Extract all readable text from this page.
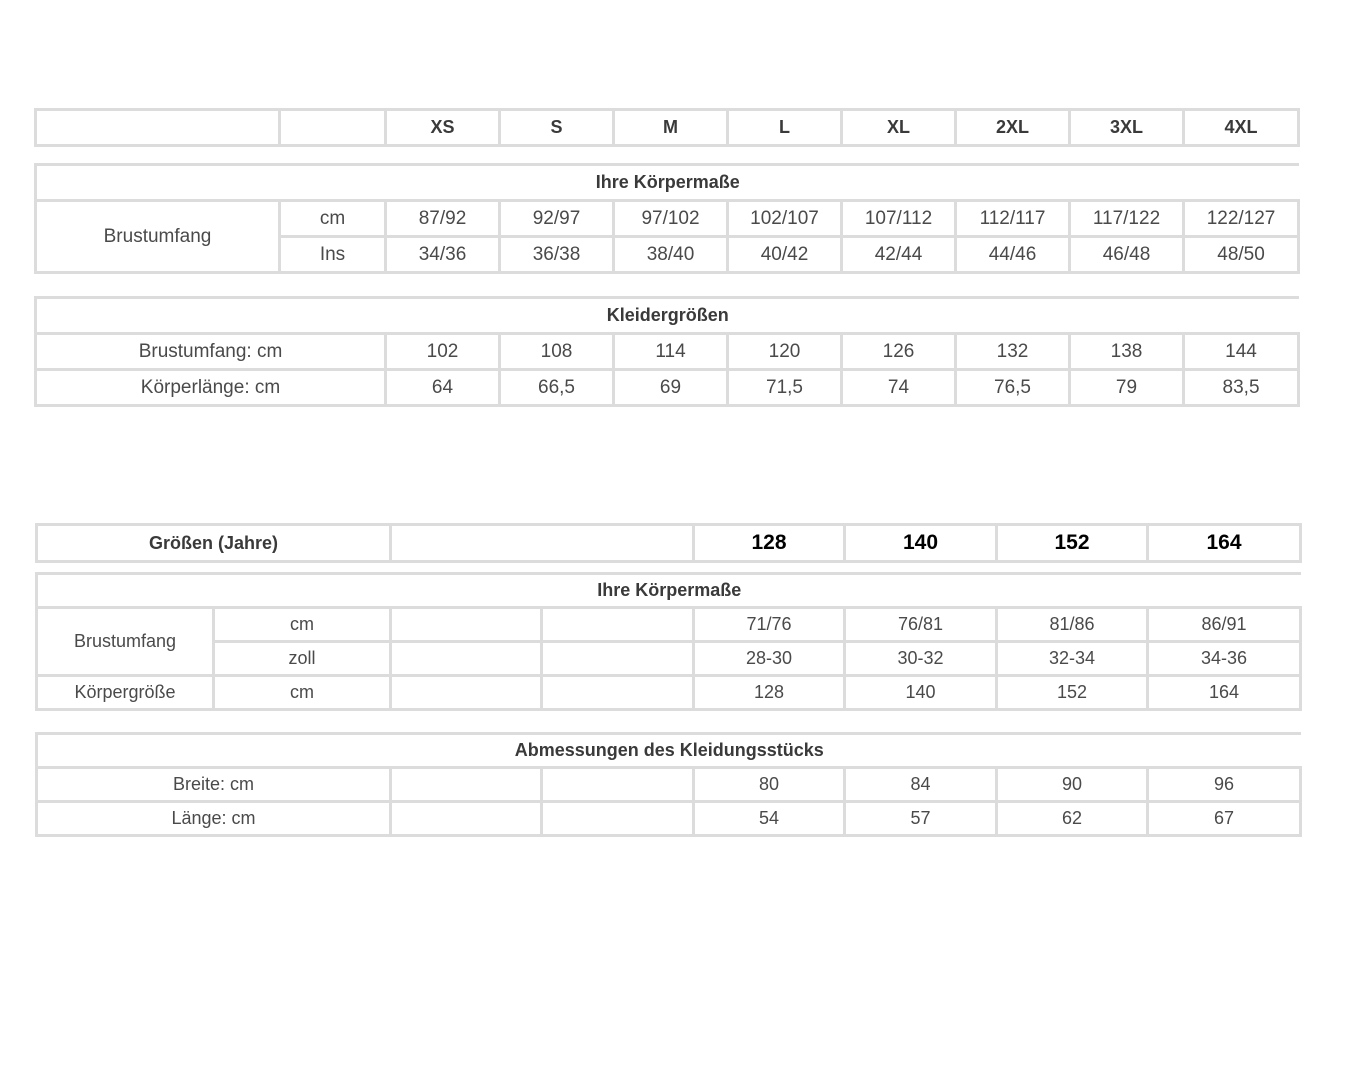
		XS	S	M	L	XL	2XL	3XL	4XL
Ihre Körpermaße									
Brustumfang	cm	87/92	92/97	97/102	102/107	107/112	112/117	117/122	122/127
	Ins	34/36	36/38	38/40	40/42	42/44	44/46	46/48	48/50
Kleidergrößen								
Brustumfang: cm	102	108	114	120	126	132	138	144
Körperlänge: cm	64	66,5	69	71,5	74	76,5	79	83,5
Größen (Jahre)		128	140	152	164
Ihre Körpermaße							
Brustumfang	cm			71/76	76/81	81/86	86/91
	zoll			28-30	30-32	32-34	34-36
Körpergröße	cm			128	140	152	164
Abmessungen des Kleidungsstücks						
Breite: cm			80	84	90	96
Länge: cm			54	57	62	67
